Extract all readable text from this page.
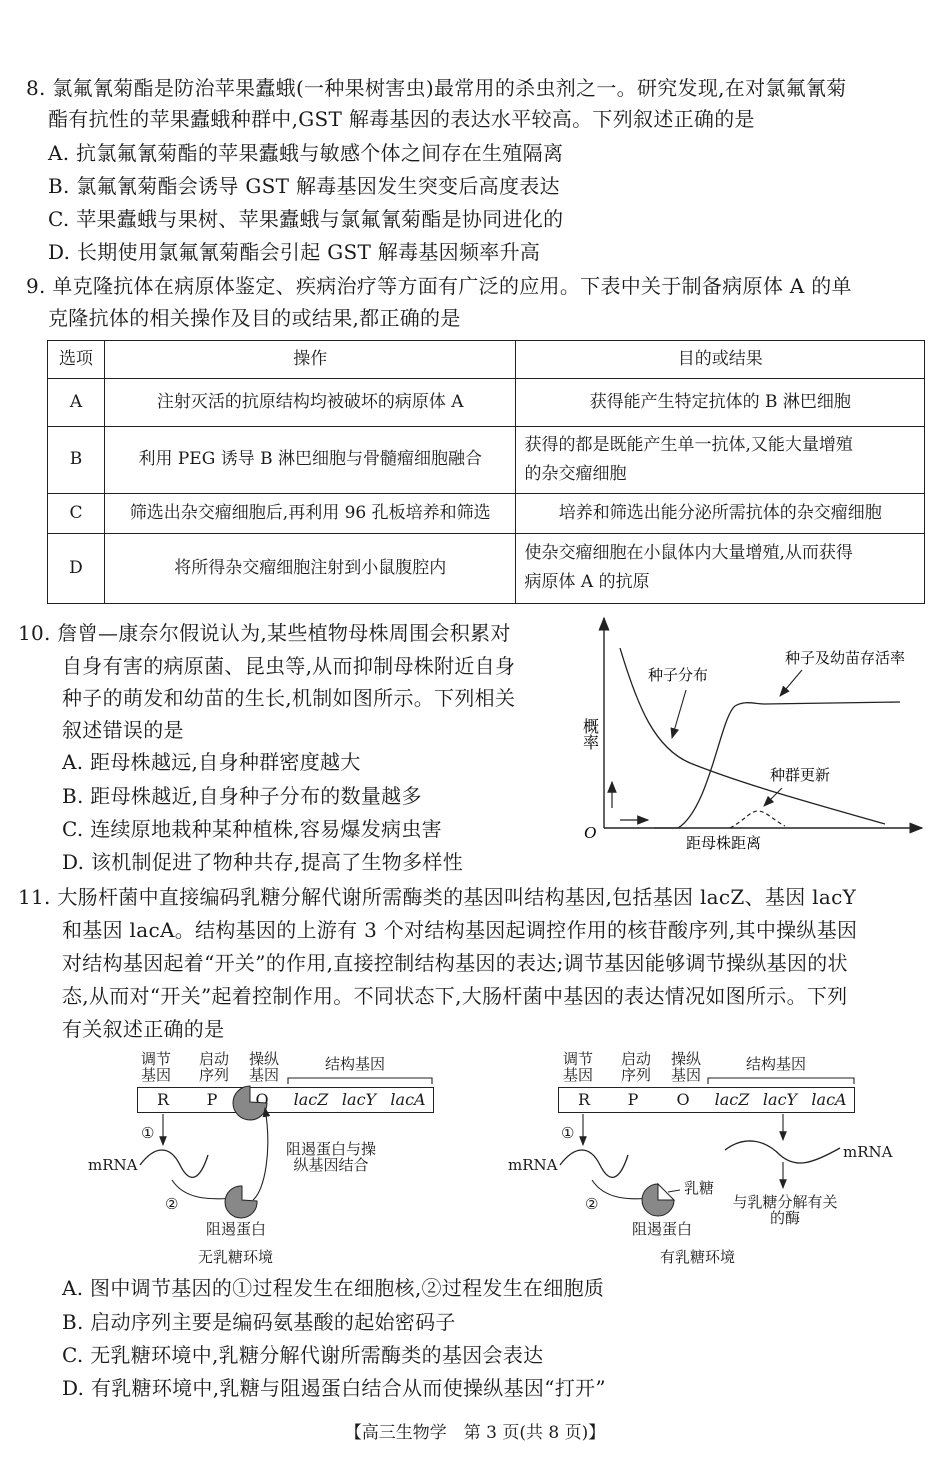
8. 氯氟氰菊酯是防治苹果蠹蛾(一种果树害虫)最常用的杀虫剂之一。研究发现,在对氯氟氰菊
酯有抗性的苹果蠹蛾种群中,GST 解毒基因的表达水平较高。下列叙述正确的是
A. 抗氯氟氰菊酯的苹果蠹蛾与敏感个体之间存在生殖隔离
B. 氯氟氰菊酯会诱导 GST 解毒基因发生突变后高度表达
C. 苹果蠹蛾与果树、苹果蠹蛾与氯氟氰菊酯是协同进化的
D. 长期使用氯氟氰菊酯会引起 GST 解毒基因频率升高
9. 单克隆抗体在病原体鉴定、疾病治疗等方面有广泛的应用。下表中关于制备病原体 A 的单
克隆抗体的相关操作及目的或结果,都正确的是
选项	操作	目的或结果
A	注射灭活的抗原结构均被破坏的病原体 A	获得能产生特定抗体的 B 淋巴细胞
B	利用 PEG 诱导 B 淋巴细胞与骨髓瘤细胞融合	获得的都是既能产生单一抗体,又能大量增殖
的杂交瘤细胞
C	筛选出杂交瘤细胞后,再利用 96 孔板培养和筛选	培养和筛选出能分泌所需抗体的杂交瘤细胞
D	将所得杂交瘤细胞注射到小鼠腹腔内	使杂交瘤细胞在小鼠体内大量增殖,从而获得
病原体 A 的抗原
10. 詹曾—康奈尔假说认为,某些植物母株周围会积累对
自身有害的病原菌、昆虫等,从而抑制母株附近自身
种子的萌发和幼苗的生长,机制如图所示。下列相关
叙述错误的是
A. 距母株越远,自身种群密度越大
B. 距母株越近,自身种子分布的数量越多
C. 连续原地栽种某种植株,容易爆发病虫害
D. 该机制促进了物种共存,提高了生物多样性
O
概率
距母株距离
种子分布
种子及幼苗存活率
种群更新
11. 大肠杆菌中直接编码乳糖分解代谢所需酶类的基因叫结构基因,包括基因 lacZ、基因 lacY
和基因 lacA。结构基因的上游有 3 个对结构基因起调控作用的核苷酸序列,其中操纵基因
对结构基因起着“开关”的作用,直接控制结构基因的表达;调节基因能够调节操纵基因的状
态,从而对“开关”起着控制作用。不同状态下,大肠杆菌中基因的表达情况如图所示。下列
有关叙述正确的是
调节基因
启动序列
操纵基因
结构基因
R	P	O	lacZ lacY lacA
①
mRNA
②
阻遏蛋白
阻遏蛋白与操纵基因结合
无乳糖环境
调节基因
启动序列
操纵基因
结构基因
R	P	O	lacZ lacY lacA
①
mRNA
②
乳糖
阻遏蛋白
mRNA
与乳糖分解有关的酶
有乳糖环境
A. 图中调节基因的①过程发生在细胞核,②过程发生在细胞质
B. 启动序列主要是编码氨基酸的起始密码子
C. 无乳糖环境中,乳糖分解代谢所需酶类的基因会表达
D. 有乳糖环境中,乳糖与阻遏蛋白结合从而使操纵基因“打开”
【高三生物学　第 3 页(共 8 页)】
